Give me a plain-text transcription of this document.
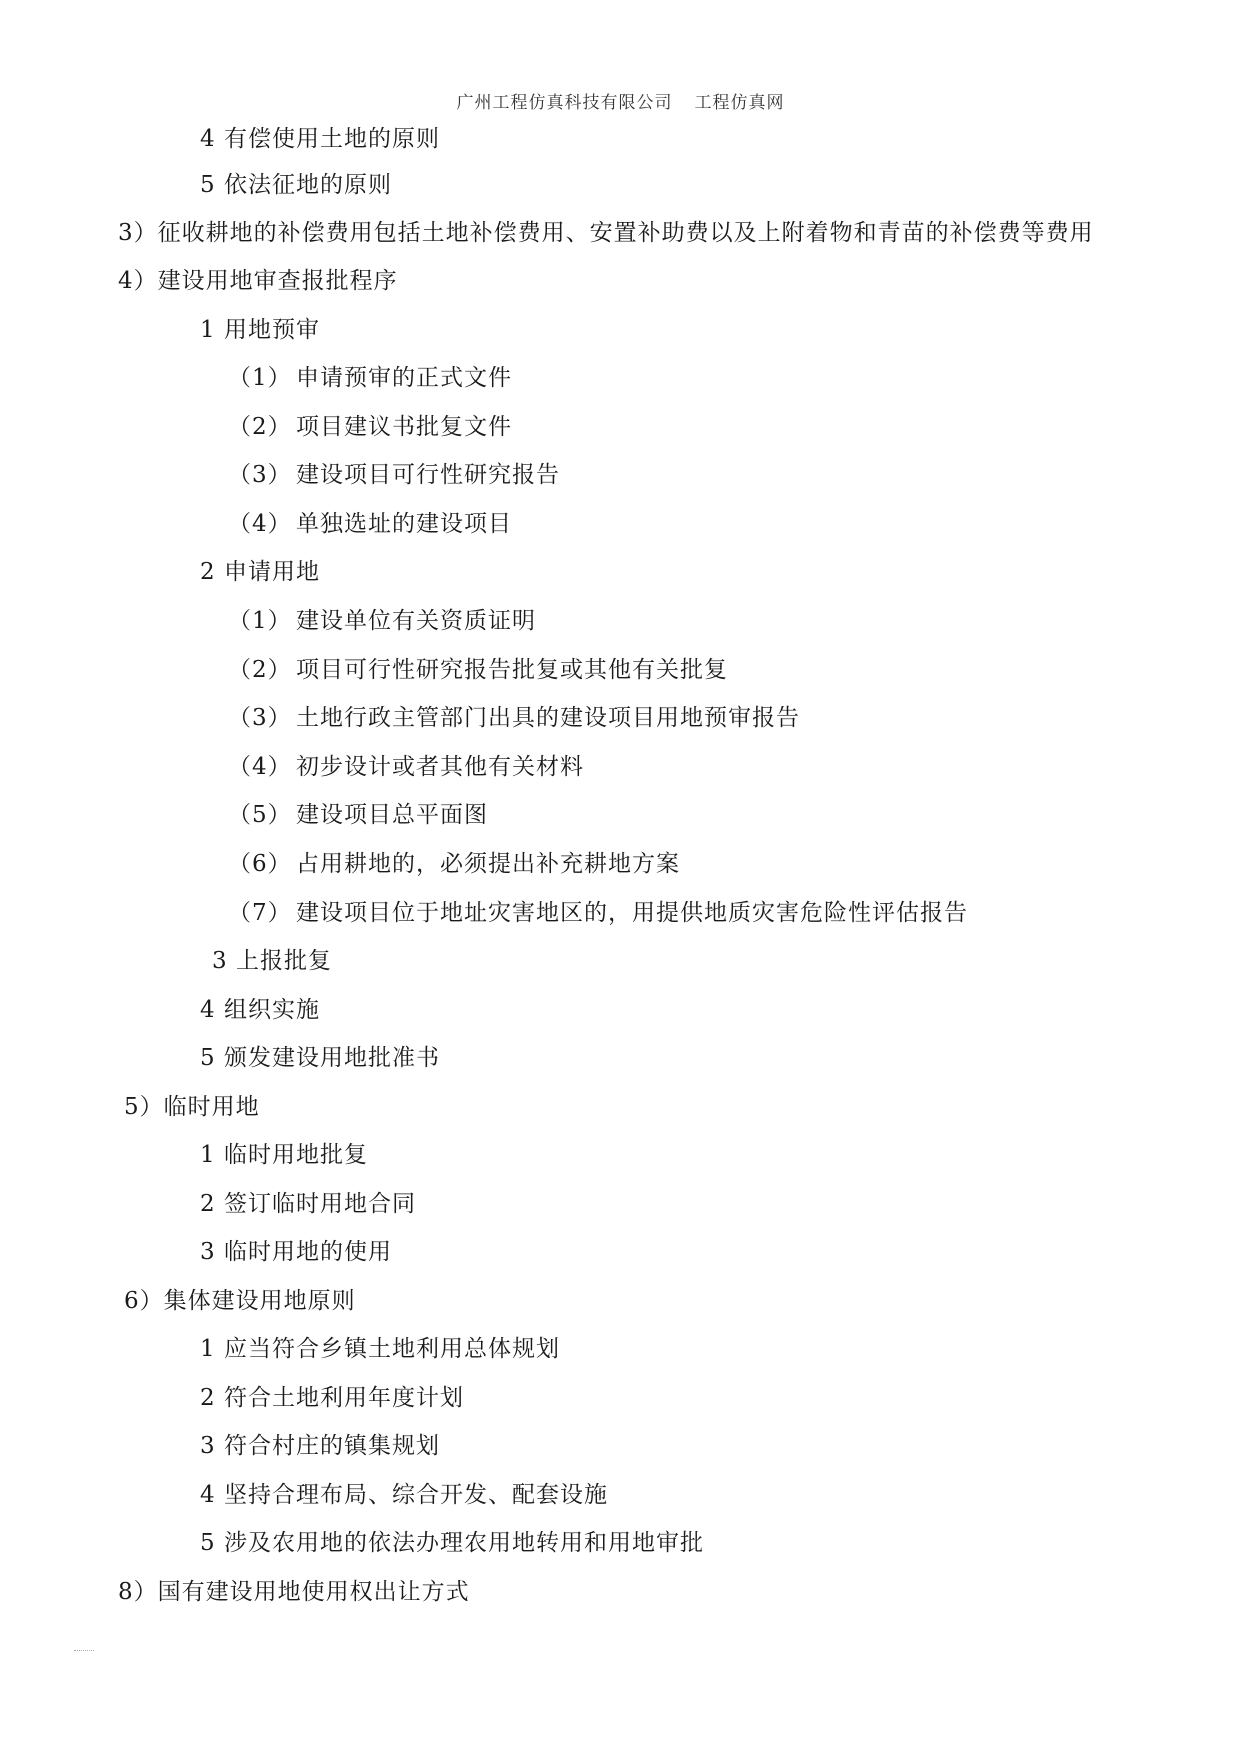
广州工程仿真科技有限公司 工程仿真网
4 有偿使用土地的原则
5 依法征地的原则
3）征收耕地的补偿费用包括土地补偿费用、安置补助费以及上附着物和青苗的补偿费等费用
4）建设用地审查报批程序
1 用地预审
（1） 申请预审的正式文件
（2） 项目建议书批复文件
（3） 建设项目可行性研究报告
（4） 单独选址的建设项目
2 申请用地
（1） 建设单位有关资质证明
（2） 项目可行性研究报告批复或其他有关批复
（3） 土地行政主管部门出具的建设项目用地预审报告
（4） 初步设计或者其他有关材料
（5） 建设项目总平面图
（6） 占用耕地的，必须提出补充耕地方案
（7） 建设项目位于地址灾害地区的，用提供地质灾害危险性评估报告
3 上报批复
4 组织实施
5 颁发建设用地批准书
5）临时用地
1 临时用地批复
2 签订临时用地合同
3 临时用地的使用
6）集体建设用地原则
1 应当符合乡镇土地利用总体规划
2 符合土地利用年度计划
3 符合村庄的镇集规划
4 坚持合理布局、综合开发、配套设施
5 涉及农用地的依法办理农用地转用和用地审批
8）国有建设用地使用权出让方式
